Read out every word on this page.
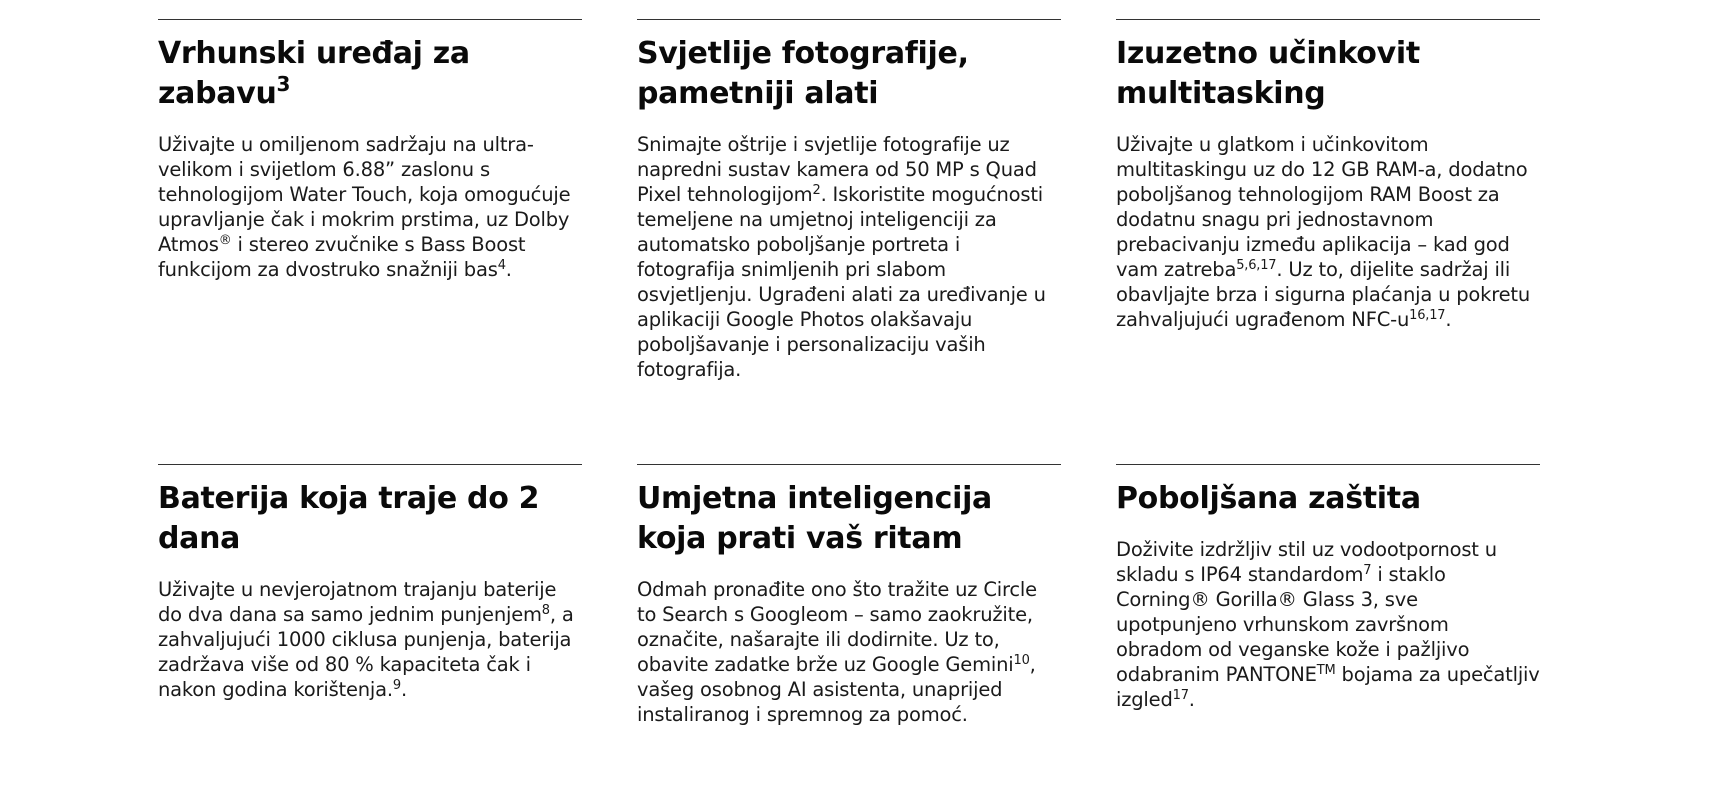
Vrhunski uređaj za zabavu$^3$

Uživajte u omiljenom sadržaju na ultra-velikom i svijetlom 6.88” zaslonu s tehnologijom Water Touch, koja omogućuje upravljanje čak i mokrim prstima, uz Dolby Atmos® i stereo zvučnike s Bass Boost funkcijom za dvostruko snažniji bas$^4$.

Svjetlije fotografije, pametniji alati

Snimajte oštrije i svjetlije fotografije uz napredni sustav kamera od 50 MP s Quad Pixel tehnologijom$^2$. Iskoristite mogućnosti temeljene na umjetnoj inteligenciji za automatsko poboljšanje portreta i fotografija snimljenih pri slabom osvjetljenju. Ugrađeni alati za uređivanje u aplikaciji Google Photos olakšavaju poboljšavanje i personalizaciju vaših fotografija.

Izuzetno učinkovit multitasking

Uživajte u glatkom i učinkovitom multitaskingu uz do 12 GB RAM-a, dodatno poboljšanog tehnologijom RAM Boost za dodatnu snagu pri jednostavnom prebacivanju između aplikacija – kad god vam zatreba$^{5,6,17}$. Uz to, dijelite sadržaj ili obavljajte brza i sigurna plaćanja u pokretu zahvaljujući ugrađenom NFC-$u^{16,17}$.

Baterija koja traje do 2 dana

Uživajte u nevjerojatnom trajanju baterije do dva dana sa samo jednim punjenjem$^8$, a zahvaljujući 1000 ciklusa punjenja, baterija zadržava više od 80 % kapaciteta čak i nakon godina korištenja.$^9$.

Umjetna inteligencija koja prati vaš ritam

Odmah pronađite ono što tražite uz Circle to Search s Googleom – samo zaokružite, označite, našarajte ili dodirnite. Uz to, obavite zadatke brže uz Google Gemini$^{10}$, vašeg osobnog AI asistenta, unaprijed instaliranog i spremnog za pomoć.

Poboljšana zaštita

Doživite izdržljiv stil uz vodootpornost u skladu s IP64 standardom$^7$ i staklo Corning® Gorilla® Glass 3, sve upotpunjeno vrhunskom završnom obradom od veganske kože i pažljivo odabranim PANTONE™ bojama za upečatljiv izgled$^{17}$.
